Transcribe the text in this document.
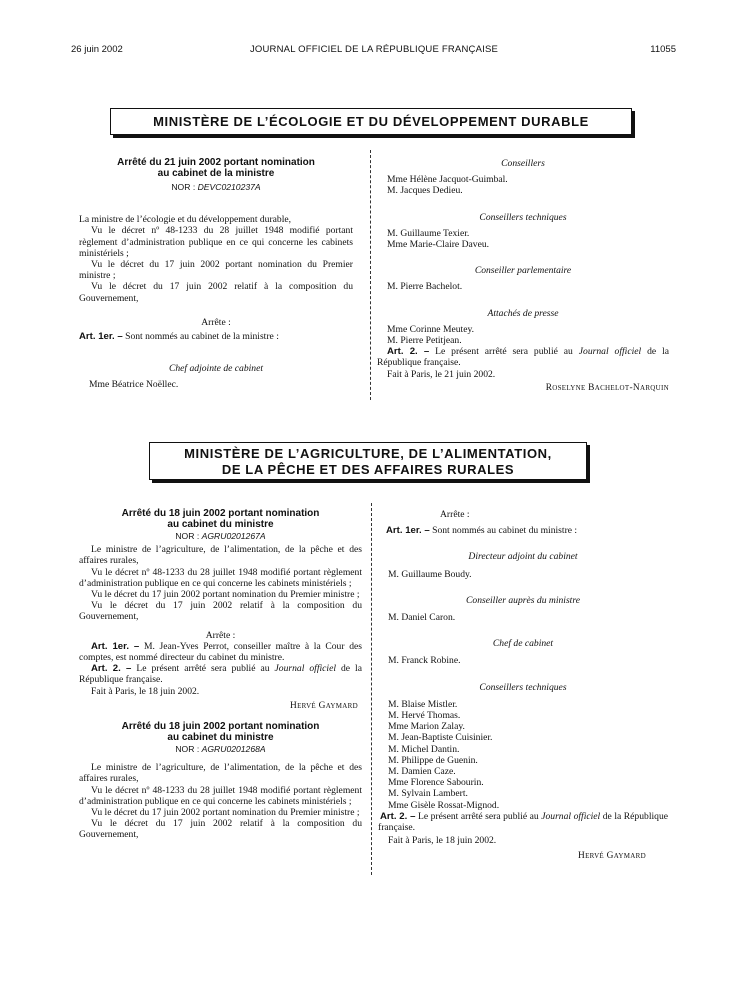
26 juin 2002	JOURNAL OFFICIEL DE LA RÉPUBLIQUE FRANÇAISE	11055
MINISTÈRE DE L’ÉCOLOGIE ET DU DÉVELOPPEMENT DURABLE
Arrêté du 21 juin 2002 portant nomination
au cabinet de la ministre
NOR : DEVC0210237A

La ministre de l’écologie et du développement durable,

Vu le décret nº 48-1233 du 28 juillet 1948 modifié portant règlement d’administration publique en ce qui concerne les cabinets ministériels ;

Vu le décret du 17 juin 2002 portant nomination du Premier ministre ;

Vu le décret du 17 juin 2002 relatif à la composition du Gouvernement,

Arrête :

Art. 1er. – Sont nommés au cabinet de la ministre :

Chef adjointe de cabinet

Mme Béatrice Noëllec.

Conseillers

Mme Hélène Jacquot-Guimbal.

M. Jacques Dedieu.

Conseillers techniques

M. Guillaume Texier.

Mme Marie-Claire Daveu.

Conseiller parlementaire

M. Pierre Bachelot.

Attachés de presse

Mme Corinne Meutey.

M. Pierre Petitjean.

Art. 2. – Le présent arrêté sera publié au Journal officiel de la République française.

Fait à Paris, le 21 juin 2002.

Roselyne Bachelot-Narquin

MINISTÈRE DE L’AGRICULTURE, DE L’ALIMENTATION,
DE LA PÊCHE ET DES AFFAIRES RURALES
Arrêté du 18 juin 2002 portant nomination
au cabinet du ministre
NOR : AGRU0201267A

Le ministre de l’agriculture, de l’alimentation, de la pêche et des affaires rurales,

Vu le décret nº 48-1233 du 28 juillet 1948 modifié portant règlement d’administration publique en ce qui concerne les cabinets ministériels ;

Vu le décret du 17 juin 2002 portant nomination du Premier ministre ;

Vu le décret du 17 juin 2002 relatif à la composition du Gouvernement,

Arrête :

Art. 1er. – M. Jean-Yves Perrot, conseiller maître à la Cour des comptes, est nommé directeur du cabinet du ministre.

Art. 2. – Le présent arrêté sera publié au Journal officiel de la République française.

Fait à Paris, le 18 juin 2002.

Hervé Gaymard

Arrêté du 18 juin 2002 portant nomination
au cabinet du ministre
NOR : AGRU0201268A

Le ministre de l’agriculture, de l’alimentation, de la pêche et des affaires rurales,

Vu le décret nº 48-1233 du 28 juillet 1948 modifié portant règlement d’administration publique en ce qui concerne les cabinets ministériels ;

Vu le décret du 17 juin 2002 portant nomination du Premier ministre ;

Vu le décret du 17 juin 2002 relatif à la composition du Gouvernement,

Arrête :

Art. 1er. – Sont nommés au cabinet du ministre :

Directeur adjoint du cabinet

M. Guillaume Boudy.

Conseiller auprès du ministre

M. Daniel Caron.

Chef de cabinet

M. Franck Robine.

Conseillers techniques

M. Blaise Mistler.

M. Hervé Thomas.

Mme Marion Zalay.

M. Jean-Baptiste Cuisinier.

M. Michel Dantin.

M. Philippe de Guenin.

M. Damien Caze.

Mme Florence Sabourin.

M. Sylvain Lambert.

Mme Gisèle Rossat-Mignod.

Art. 2. – Le présent arrêté sera publié au Journal officiel de la République française.

Fait à Paris, le 18 juin 2002.

Hervé Gaymard
